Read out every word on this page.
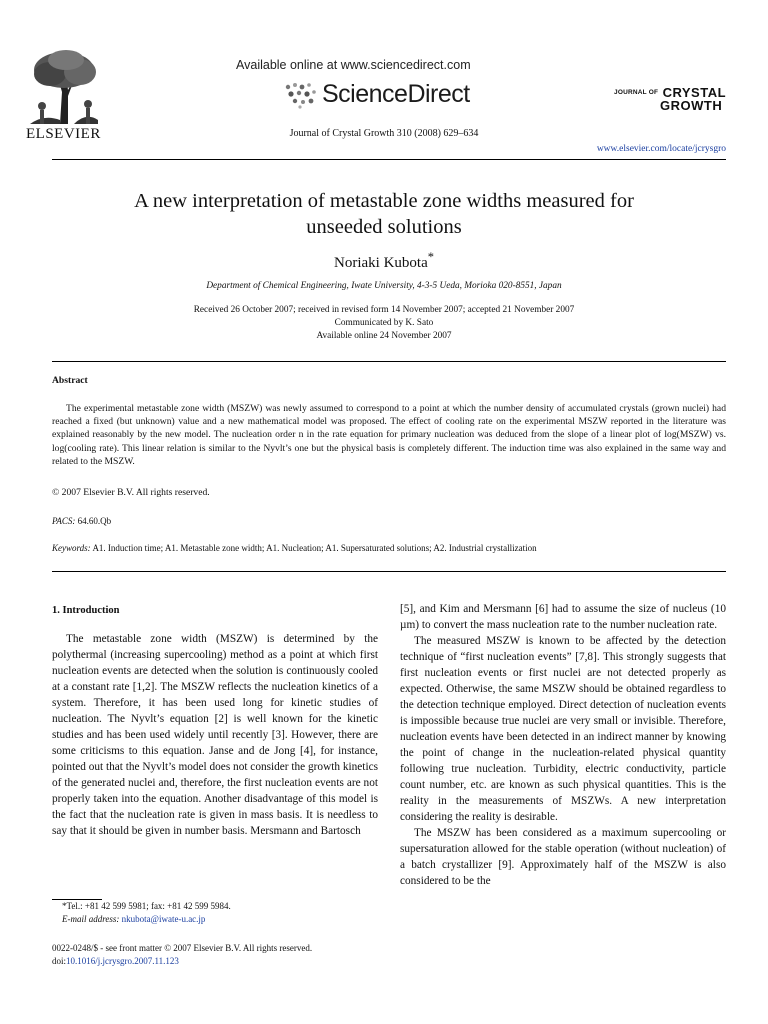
ELSEVIER
Available online at www.sciencedirect.com
ScienceDirect
Journal of Crystal Growth 310 (2008) 629–634
$^{JOURNAL OF}$ CRYSTAL
GROWTH
www.elsevier.com/locate/jcrysgro
A new interpretation of metastable zone widths measured for
unseeded solutions
Noriaki Kubota*
Department of Chemical Engineering, Iwate University, 4-3-5 Ueda, Morioka 020-8551, Japan
Received 26 October 2007; received in revised form 14 November 2007; accepted 21 November 2007
Communicated by K. Sato
Available online 24 November 2007
Abstract
The experimental metastable zone width (MSZW) was newly assumed to correspond to a point at which the number density of accumulated crystals (grown nuclei) had reached a fixed (but unknown) value and a new mathematical model was proposed. The effect of cooling rate on the experimental MSZW reported in the literature was explained reasonably by the new model. The nucleation order n in the rate equation for primary nucleation was deduced from the slope of a linear plot of log(MSZW) vs. log(cooling rate). This linear relation is similar to the Nyvlt’s one but the physical basis is completely different. The induction time was also explained in the same way and related to the MSZW.
© 2007 Elsevier B.V. All rights reserved.
PACS: 64.60.Qb
Keywords: A1. Induction time; A1. Metastable zone width; A1. Nucleation; A1. Supersaturated solutions; A2. Industrial crystallization
1. Introduction

The metastable zone width (MSZW) is determined by the polythermal (increasing supercooling) method as a point at which first nucleation events are detected when the solution is continuously cooled at a constant rate [1,2]. The MSZW reflects the nucleation kinetics of a system. Therefore, it has been used long for kinetic studies of nucleation. The Nyvlt’s equation [2] is well known for the kinetic studies and has been used widely until recently [3]. However, there are some criticisms to this equation. Janse and de Jong [4], for instance, pointed out that the Nyvlt’s model does not consider the growth kinetics of the generated nuclei and, therefore, the first nucleation events are not properly taken into the equation. Another disadvantage of this model is the fact that the nucleation rate is given in mass basis. It is needless to say that it should be given in number basis. Mersmann and Bartosch

[5], and Kim and Mersmann [6] had to assume the size of nucleus (10 µm) to convert the mass nucleation rate to the number nucleation rate.

The measured MSZW is known to be affected by the detection technique of “first nucleation events” [7,8]. This strongly suggests that first nucleation events or first nuclei are not detected properly as expected. Otherwise, the same MSZW should be obtained regardless to the detection technique employed. Direct detection of nucleation events is impossible because true nuclei are very small or invisible. Therefore, nucleation events have been detected in an indirect manner by knowing the point of change in the nucleation-related physical quantity following true nucleation. Turbidity, electric conductivity, particle count number, etc. are known as such physical quantities. This is the reality in the measurements of MSZWs. A new interpretation considering the reality is desirable.

The MSZW has been considered as a maximum supercooling or supersaturation allowed for the stable operation (without nucleation) of a batch crystallizer [9]. Approximately half of the MSZW is also considered to be the

*Tel.: +81 42 599 5981; fax: +81 42 599 5984.
E-mail address: nkubota@iwate-u.ac.jp
0022-0248/$ - see front matter © 2007 Elsevier B.V. All rights reserved.
doi:10.1016/j.jcrysgro.2007.11.123
